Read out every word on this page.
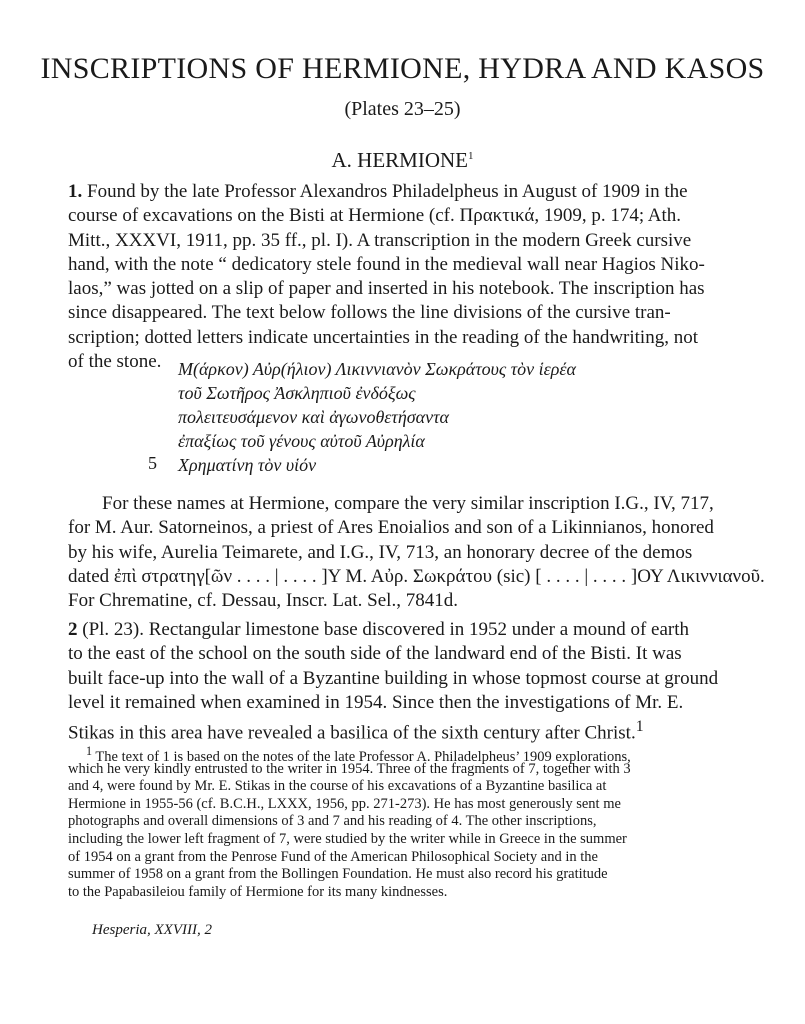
INSCRIPTIONS OF HERMIONE, HYDRA AND KASOS
(Plates 23–25)
A. HERMIONE$^1$
1. Found by the late Professor Alexandros Philadelpheus in August of 1909 in the
course of excavations on the Bisti at Hermione (cf. Πρακτικά, 1909, p. 174; Ath.
Mitt., XXXVI, 1911, pp. 35 ff., pl. I). A transcription in the modern Greek cursive
hand, with the note “ dedicatory stele found in the medieval wall near Hagios Niko-
laos,” was jotted on a slip of paper and inserted in his notebook. The inscription has
since disappeared. The text below follows the line divisions of the cursive tran-
scription; dotted letters indicate uncertainties in the reading of the handwriting, not
of the stone. Μ(άρκον) Αὐρ(ήλιον) Λικιννιανὸν Σωκράτους τὸν ἱερέα
τοῦ Σωτῆρος Ἀσκληπιοῦ ἐνδόξως
πολειτευσάμενον καὶ ἀγωνοθετήσαντα
ἐπαξίως τοῦ γένους αὐτοῦ Αὐρηλία
Χρηματίνη τὸν υἱόν
5
For these names at Hermione, compare the very similar inscription I.G., IV, 717,
for M. Aur. Satorneinos, a priest of Ares Enoialios and son of a Likinnianos, honored
by his wife, Aurelia Teimarete, and I.G., IV, 713, an honorary decree of the demos
dated ἐπὶ στρατηγ[ῶν . . . . | . . . . ]Υ Μ. Αὐρ. Σωκράτου (sic) [ . . . . | . . . . ]ΟΥ Λικιννιανοῦ.
For Chrematine, cf. Dessau, Inscr. Lat. Sel., 7841d.
2 (Pl. 23). Rectangular limestone base discovered in 1952 under a mound of earth
to the east of the school on the south side of the landward end of the Bisti. It was
built face-up into the wall of a Byzantine building in whose topmost course at ground
level it remained when examined in 1954. Since then the investigations of Mr. E.
Stikas in this area have revealed a basilica of the sixth century after Christ.$^1$
$^1$ The text of 1 is based on the notes of the late Professor A. Philadelpheus’ 1909 explorations,
which he very kindly entrusted to the writer in 1954. Three of the fragments of 7, together with 3
and 4, were found by Mr. E. Stikas in the course of his excavations of a Byzantine basilica at
Hermione in 1955-56 (cf. B.C.H., LXXX, 1956, pp. 271-273). He has most generously sent me
photographs and overall dimensions of 3 and 7 and his reading of 4. The other inscriptions,
including the lower left fragment of 7, were studied by the writer while in Greece in the summer
of 1954 on a grant from the Penrose Fund of the American Philosophical Society and in the
summer of 1958 on a grant from the Bollingen Foundation. He must also record his gratitude
to the Papabasileiou family of Hermione for its many kindnesses.
Hesperia, XXVIII, 2
